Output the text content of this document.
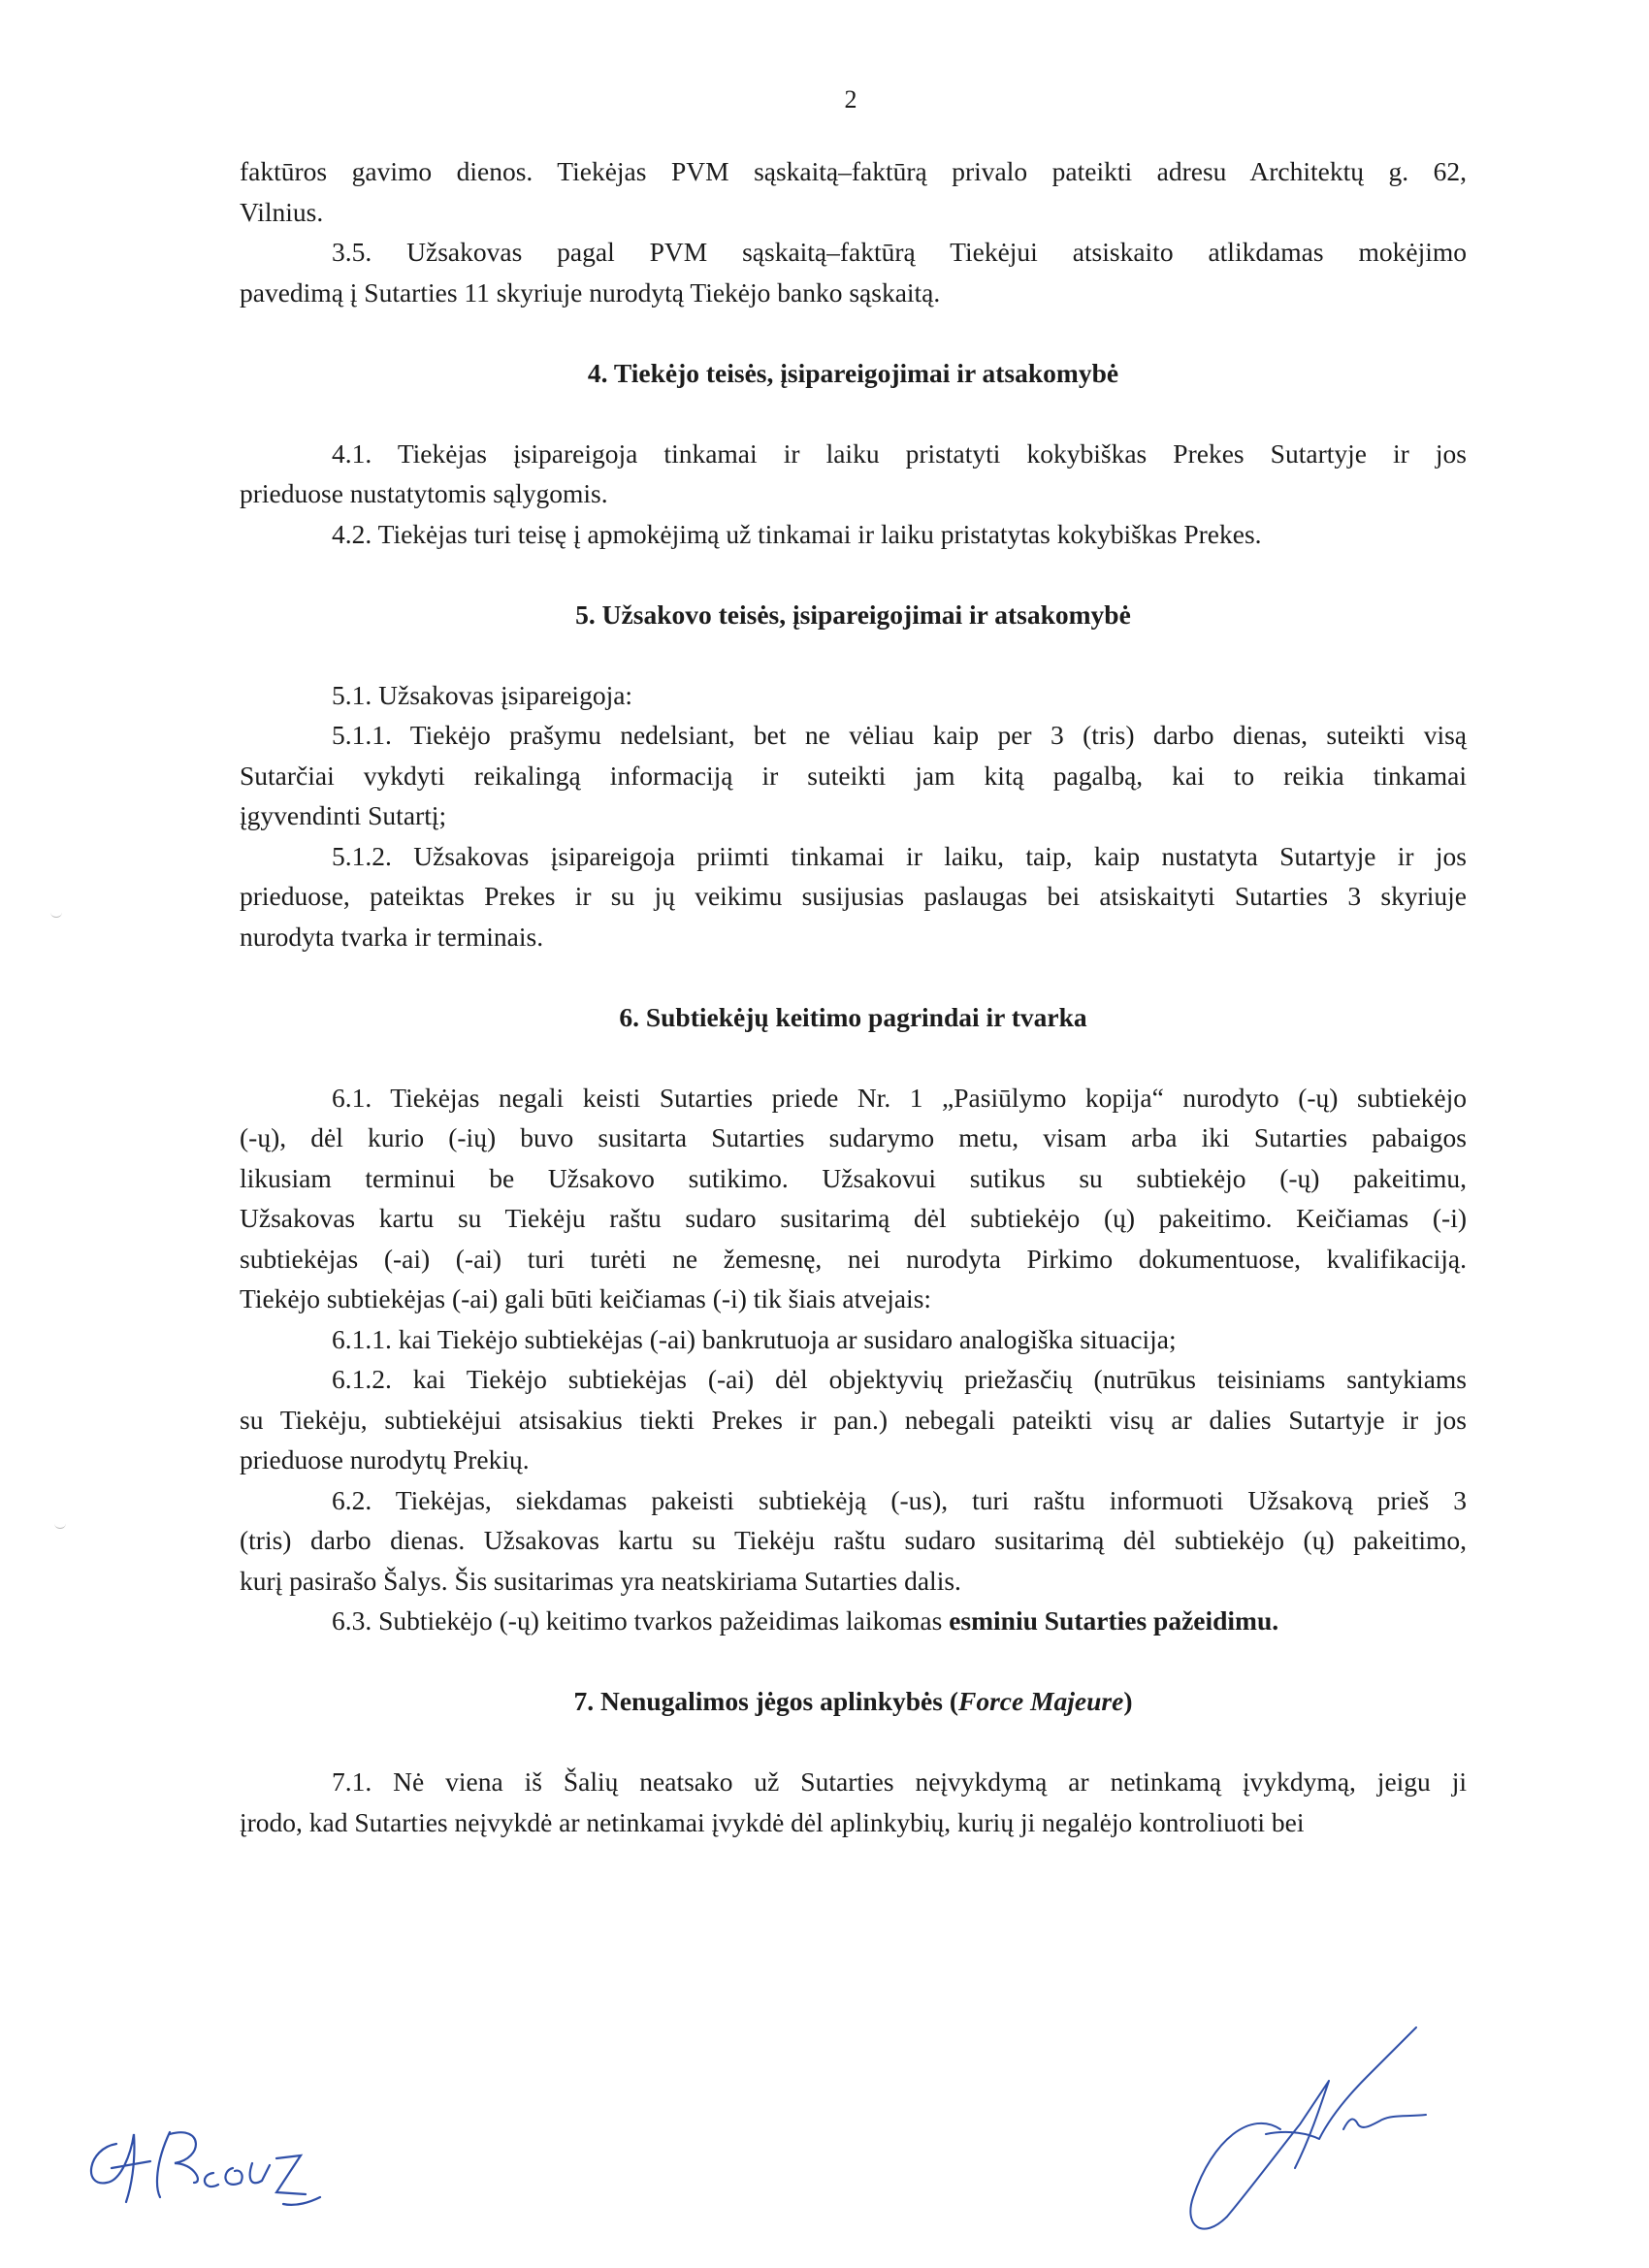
2
faktūros gavimo dienos. Tiekėjas PVM sąskaitą–faktūrą privalo pateikti adresu Architektų g. 62,
Vilnius.
3.5. Užsakovas pagal PVM sąskaitą–faktūrą Tiekėjui atsiskaito atlikdamas mokėjimo
pavedimą į Sutarties 11 skyriuje nurodytą Tiekėjo banko sąskaitą.
4. Tiekėjo teisės, įsipareigojimai ir atsakomybė
4.1. Tiekėjas įsipareigoja tinkamai ir laiku pristatyti kokybiškas Prekes Sutartyje ir jos
prieduose nustatytomis sąlygomis.
4.2. Tiekėjas turi teisę į apmokėjimą už tinkamai ir laiku pristatytas kokybiškas Prekes.
5. Užsakovo teisės, įsipareigojimai ir atsakomybė
5.1. Užsakovas įsipareigoja:
5.1.1. Tiekėjo prašymu nedelsiant, bet ne vėliau kaip per 3 (tris) darbo dienas, suteikti visą
Sutarčiai vykdyti reikalingą informaciją ir suteikti jam kitą pagalbą, kai to reikia tinkamai
įgyvendinti Sutartį;
5.1.2. Užsakovas įsipareigoja priimti tinkamai ir laiku, taip, kaip nustatyta Sutartyje ir jos
prieduose, pateiktas Prekes ir su jų veikimu susijusias paslaugas bei atsiskaityti Sutarties 3 skyriuje
nurodyta tvarka ir terminais.
6. Subtiekėjų keitimo pagrindai ir tvarka
6.1. Tiekėjas negali keisti Sutarties priede Nr. 1 „Pasiūlymo kopija“ nurodyto (-ų) subtiekėjo
(-ų), dėl kurio (-ių) buvo susitarta Sutarties sudarymo metu, visam arba iki Sutarties pabaigos
likusiam terminui be Užsakovo sutikimo. Užsakovui sutikus su subtiekėjo (-ų) pakeitimu,
Užsakovas kartu su Tiekėju raštu sudaro susitarimą dėl subtiekėjo (ų) pakeitimo. Keičiamas (-i)
subtiekėjas (-ai) (-ai) turi turėti ne žemesnę, nei nurodyta Pirkimo dokumentuose, kvalifikaciją.
Tiekėjo subtiekėjas (-ai) gali būti keičiamas (-i) tik šiais atvejais:
6.1.1. kai Tiekėjo subtiekėjas (-ai) bankrutuoja ar susidaro analogiška situacija;
6.1.2. kai Tiekėjo subtiekėjas (-ai) dėl objektyvių priežasčių (nutrūkus teisiniams santykiams
su Tiekėju, subtiekėjui atsisakius tiekti Prekes ir pan.) nebegali pateikti visų ar dalies Sutartyje ir jos
prieduose nurodytų Prekių.
6.2. Tiekėjas, siekdamas pakeisti subtiekėją (-us), turi raštu informuoti Užsakovą prieš 3
(tris) darbo dienas. Užsakovas kartu su Tiekėju raštu sudaro susitarimą dėl subtiekėjo (ų) pakeitimo,
kurį pasirašo Šalys. Šis susitarimas yra neatskiriama Sutarties dalis.
6.3. Subtiekėjo (-ų) keitimo tvarkos pažeidimas laikomas esminiu Sutarties pažeidimu.
7. Nenugalimos jėgos aplinkybės (Force Majeure)
7.1. Nė viena iš Šalių neatsako už Sutarties neįvykdymą ar netinkamą įvykdymą, jeigu ji
įrodo, kad Sutarties neįvykdė ar netinkamai įvykdė dėl aplinkybių, kurių ji negalėjo kontroliuoti bei
